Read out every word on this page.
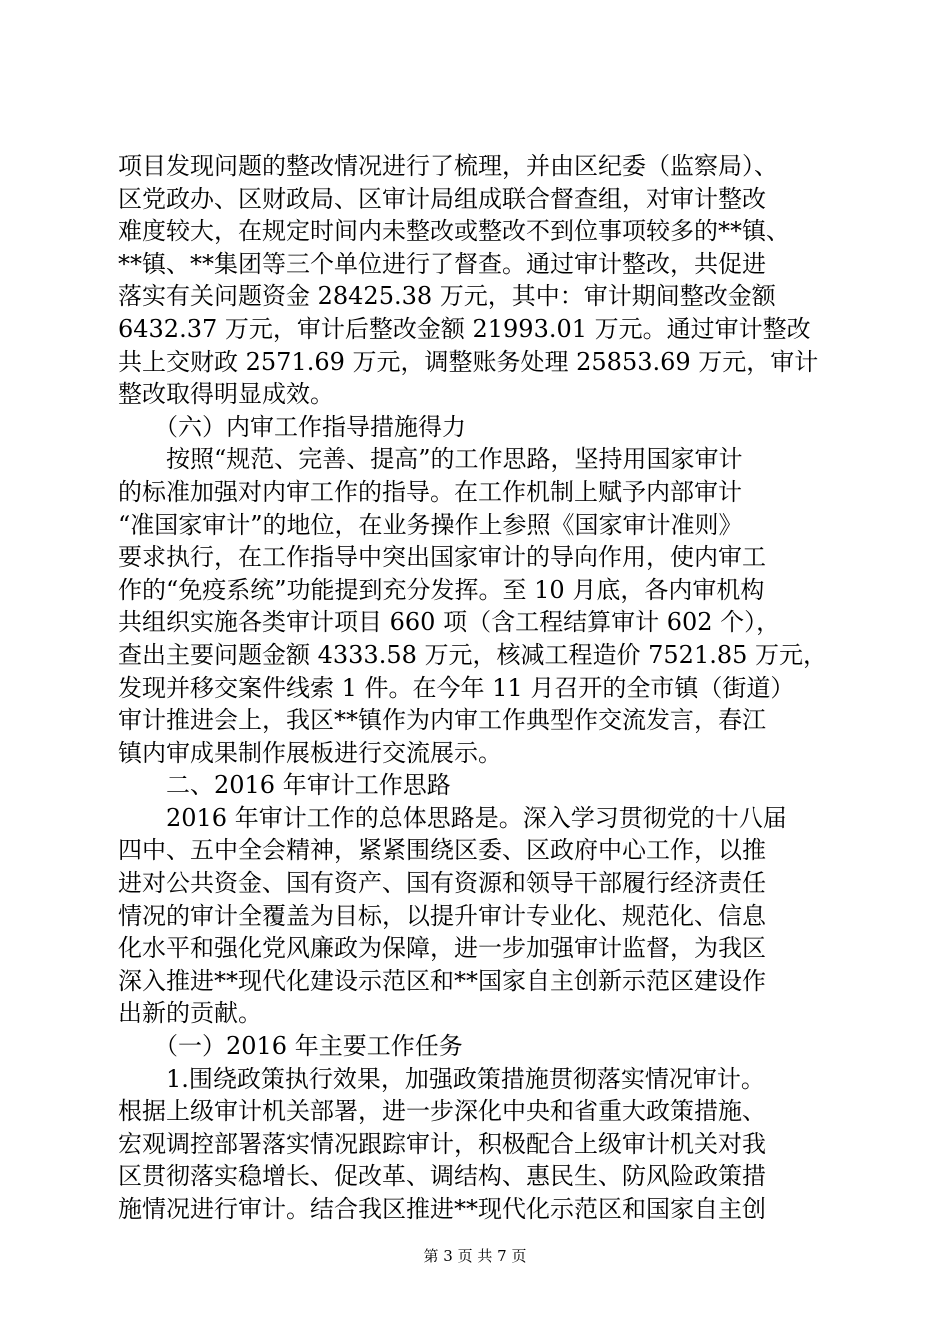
项目发现问题的整改情况进行了梳理，并由区纪委（监察局）、
区党政办、区财政局、区审计局组成联合督查组，对审计整改
难度较大，在规定时间内未整改或整改不到位事项较多的**镇、
**镇、**集团等三个单位进行了督查。通过审计整改，共促进
落实有关问题资金 28425.38 万元，其中：审计期间整改金额
6432.37 万元，审计后整改金额 21993.01 万元。通过审计整改
共上交财政 2571.69 万元，调整账务处理 25853.69 万元，审计
整改取得明显成效。
　　（六）内审工作指导措施得力
　　按照“规范、完善、提高”的工作思路，坚持用国家审计
的标准加强对内审工作的指导。在工作机制上赋予内部审计
“准国家审计”的地位，在业务操作上参照《国家审计准则》
要求执行，在工作指导中突出国家审计的导向作用，使内审工
作的“免疫系统”功能提到充分发挥。至 10 月底，各内审机构
共组织实施各类审计项目 660 项（含工程结算审计 602 个），
查出主要问题金额 4333.58 万元，核减工程造价 7521.85 万元，
发现并移交案件线索 1 件。在今年 11 月召开的全市镇（街道）
审计推进会上，我区**镇作为内审工作典型作交流发言，春江
镇内审成果制作展板进行交流展示。
　　二、2016 年审计工作思路
　　2016 年审计工作的总体思路是。深入学习贯彻党的十八届
四中、五中全会精神，紧紧围绕区委、区政府中心工作，以推
进对公共资金、国有资产、国有资源和领导干部履行经济责任
情况的审计全覆盖为目标，以提升审计专业化、规范化、信息
化水平和强化党风廉政为保障，进一步加强审计监督，为我区
深入推进**现代化建设示范区和**国家自主创新示范区建设作
出新的贡献。
　　（一）2016 年主要工作任务
　　1.围绕政策执行效果，加强政策措施贯彻落实情况审计。
根据上级审计机关部署，进一步深化中央和省重大政策措施、
宏观调控部署落实情况跟踪审计，积极配合上级审计机关对我
区贯彻落实稳增长、促改革、调结构、惠民生、防风险政策措
施情况进行审计。结合我区推进**现代化示范区和国家自主创
第 3 页 共 7 页
